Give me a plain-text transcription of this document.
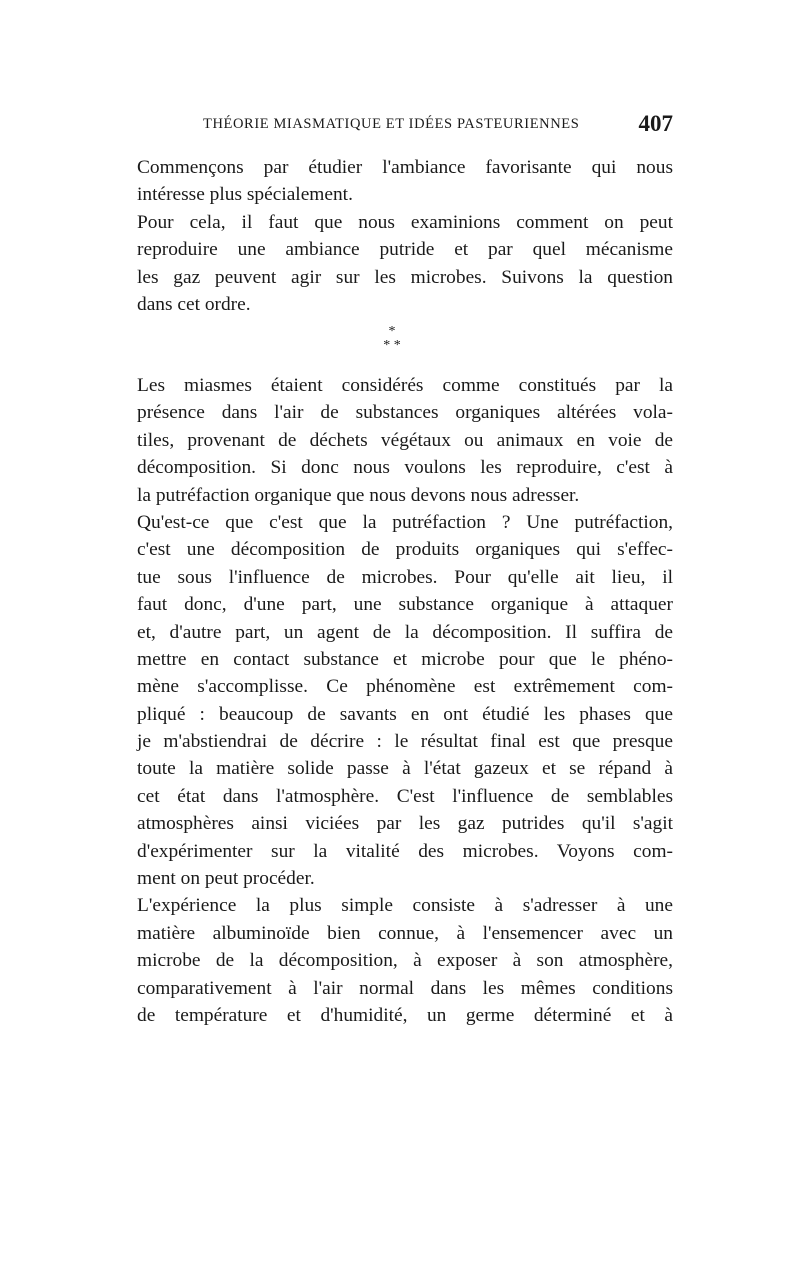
THÉORIE MIASMATIQUE ET IDÉES PASTEURIENNES	407
Commençons par étudier l'ambiance favorisante qui nous
intéresse plus spécialement.
Pour cela, il faut que nous examinions comment on peut
reproduire une ambiance putride et par quel mécanisme
les gaz peuvent agir sur les microbes. Suivons la question
dans cet ordre.
*
* *
Les miasmes étaient considérés comme constitués par la
présence dans l'air de substances organiques altérées vola-
tiles, provenant de déchets végétaux ou animaux en voie de
décomposition. Si donc nous voulons les reproduire, c'est à
la putréfaction organique que nous devons nous adresser.
Qu'est-ce que c'est que la putréfaction ? Une putréfaction,
c'est une décomposition de produits organiques qui s'effec-
tue sous l'influence de microbes. Pour qu'elle ait lieu, il
faut donc, d'une part, une substance organique à attaquer
et, d'autre part, un agent de la décomposition. Il suffira de
mettre en contact substance et microbe pour que le phéno-
mène s'accomplisse. Ce phénomène est extrêmement com-
pliqué : beaucoup de savants en ont étudié les phases que
je m'abstiendrai de décrire : le résultat final est que presque
toute la matière solide passe à l'état gazeux et se répand à
cet état dans l'atmosphère. C'est l'influence de semblables
atmosphères ainsi viciées par les gaz putrides qu'il s'agit
d'expérimenter sur la vitalité des microbes. Voyons com-
ment on peut procéder.
L'expérience la plus simple consiste à s'adresser à une
matière albuminoïde bien connue, à l'ensemencer avec un
microbe de la décomposition, à exposer à son atmosphère,
comparativement à l'air normal dans les mêmes conditions
de température et d'humidité, un germe déterminé et à
